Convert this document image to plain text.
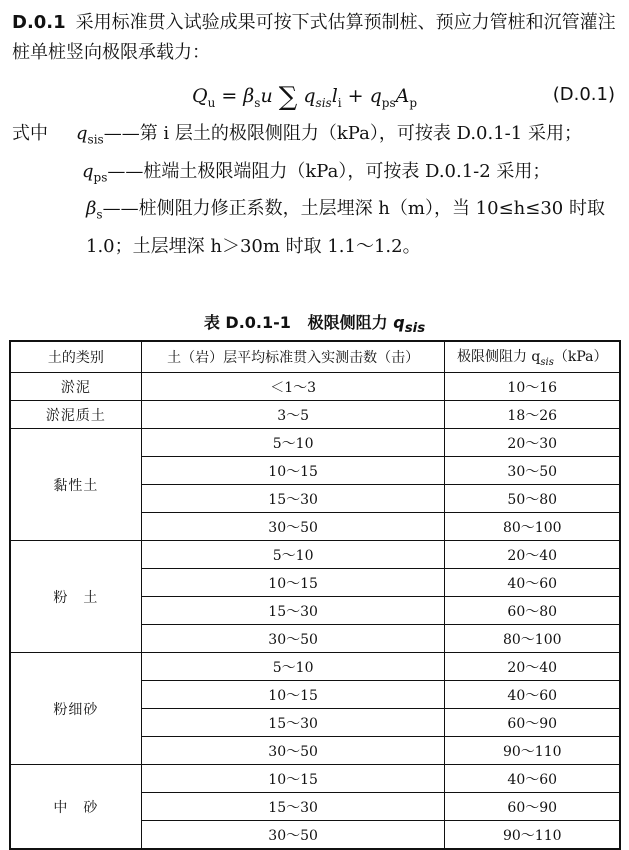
D.0.1 采用标准贯入试验成果可按下式估算预制桩、预应力管桩和沉管灌注桩单桩竖向极限承载力：
$Q_u = \beta_su$ ∑ $q_{sis}l_i + q_{ps}A_p$	(D.0.1)
式中	$q_{sis}——$第 i 层土的极限侧阻力（kPa），可按表 D.0.1-1 采用；
$q_{ps}——$桩端土极限端阻力（kPa），可按表 D.0.1-2 采用；
$\beta_s——$桩侧阻力修正系数，土层埋深 h（m），当 10≤h≤30 时取 1.0；土层埋深 h＞30m 时取 1.1～1.2。
表 D.0.1-1 极限侧阻力 $q_{sis}$
土的类别	土（岩）层平均标准贯入实测击数（击）	极限侧阻力 $q_{sis}(kPa)$
淤泥	＜1～3	10～16
淤泥质土	3～5	18～26
黏性土	5～10	20～30
	10～15	30～50
	15～30	50～80
	30～50	80～100
粉　土	5～10	20～40
	10～15	40～60
	15～30	60～80
	30～50	80～100
粉细砂	5～10	20～40
	10～15	40～60
	15～30	60～90
	30～50	90～110
中　砂	10～15	40～60
	15～30	60～90
	30～50	90～110
